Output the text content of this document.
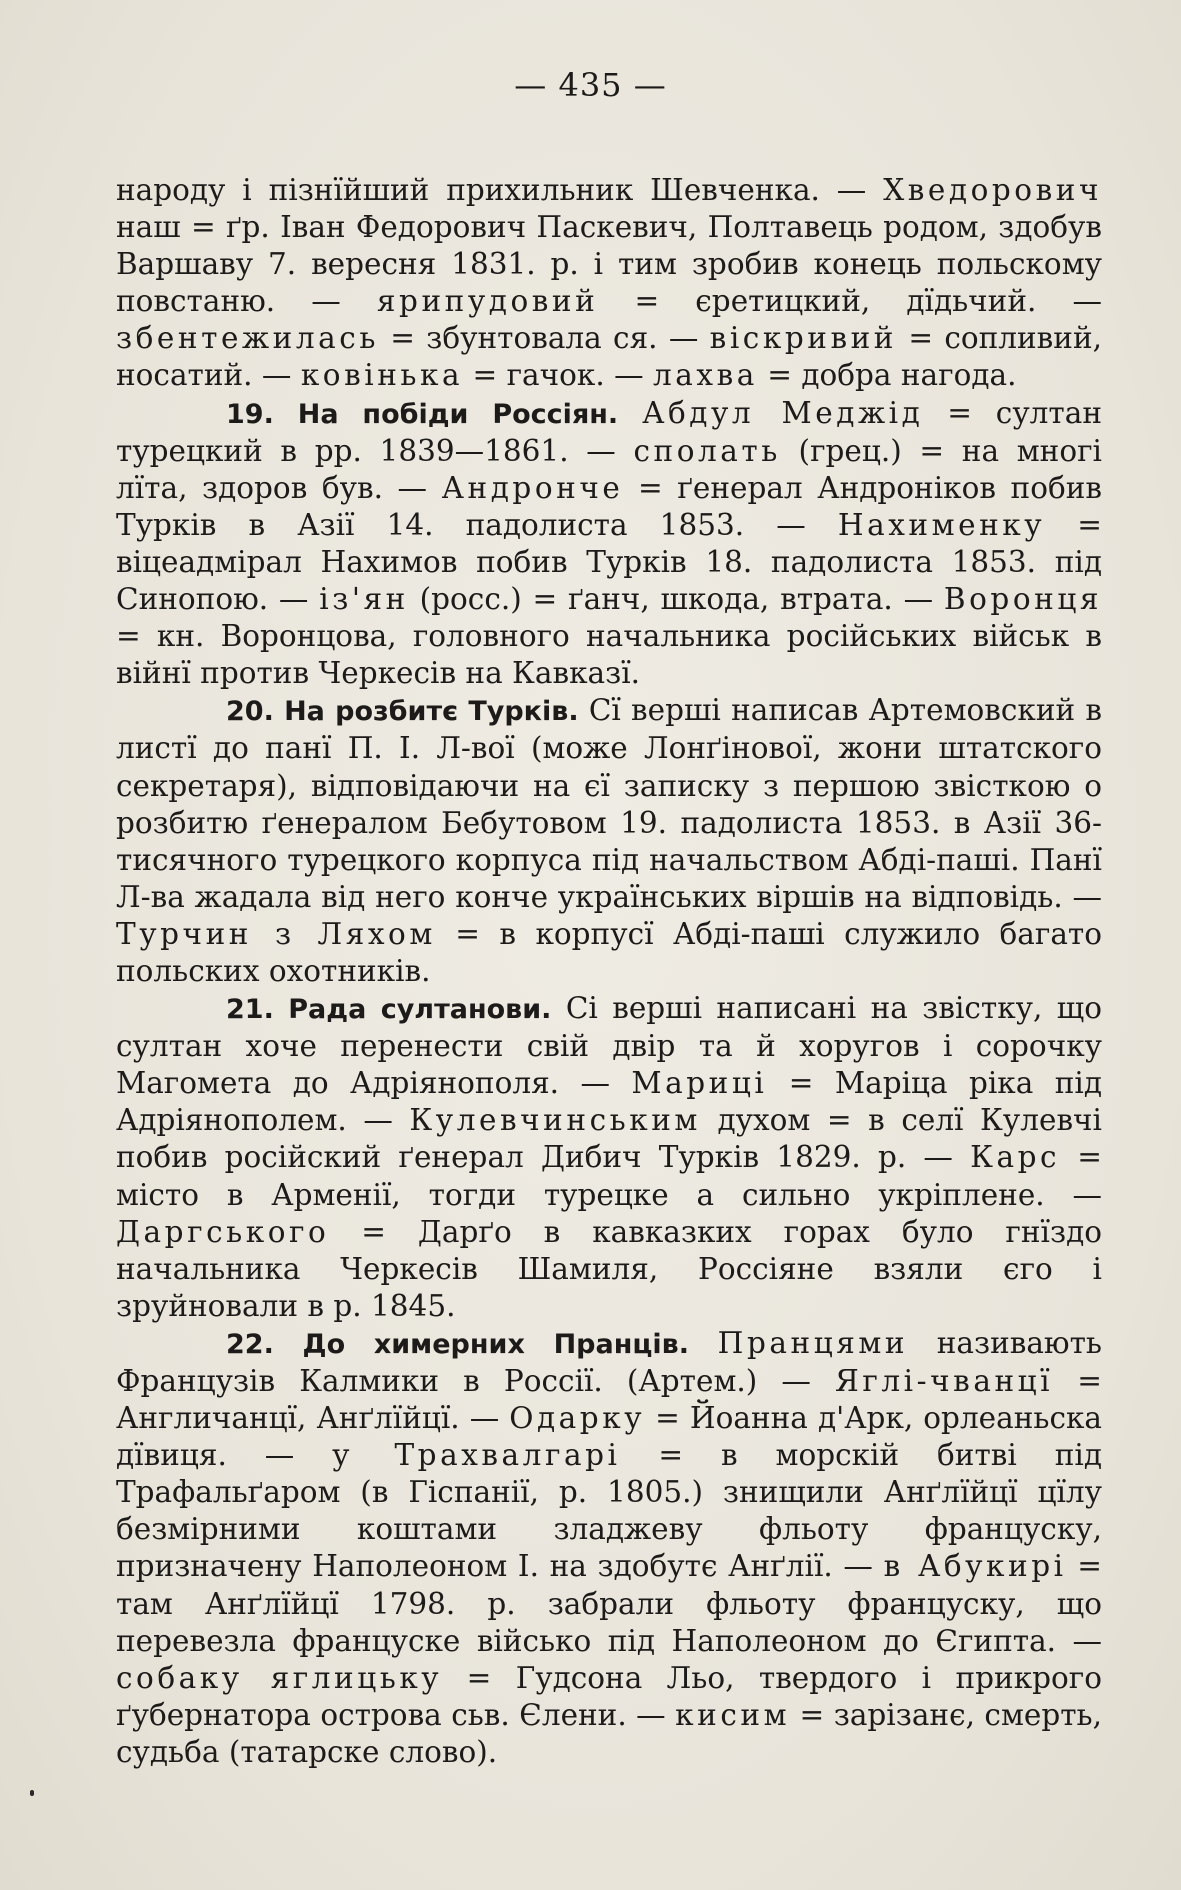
— 435 —

народу і пізнїйший прихильник Шевченка. — Хведорович наш = ґр. Іван Федорович Паскевич, Полтавець родом, здобув Варшаву 7. вересня 1831. р. і тим зробив конець польскому повстаню. — ярипудовий = єретицкий, дїдьчий. — збентежилась = збунтовала ся. — віскривий = сопливий, носатий. — ковінька = гачок. — лахва = добра нагода.

19. На побіди Россіян. Абдул Меджід = султан турецкий в рр. 1839—1861. — сполать (грец.) = на многі лїта, здоров був. — Андронче = ґенерал Андроніков побив Турків в Азії 14. падолиста 1853. — Нахименку = віцеадмірал Нахимов побив Турків 18. падолиста 1853. під Синопою. — із'ян (росс.) = ґанч, шкода, втрата. — Воронця = кн. Воронцова, головного начальника російських військ в війнї против Черкесів на Кавказї.

20. На розбитє Турків. Сї верші написав Артемовский в листї до панї П. І. Л-вої (може Лонґінової, жони штатского секретаря), відповідаючи на єї записку з першою звісткою о розбитю ґенералом Бебутовом 19. падолиста 1853. в Азії 36-тисячного турецкого корпуса під начальством Абді-паші. Панї Л-ва жадала від него конче українських віршів на відповідь. — Турчин з Ляхом = в корпусї Абді-паші служило багато польских охотників.

21. Рада султанови. Сі верші написані на звістку, що султан хоче перенести свій двір та й хоругов і сорочку Магомета до Адріянополя. — Мариці = Маріца ріка під Адріянополем. — Кулевчинським духом = в селї Кулевчі побив російский ґенерал Дибич Турків 1829. р. — Карс = місто в Арменії, тогди турецке а сильно укріплене. — Даргського = Дарґо в кавказких горах було гнїздо начальника Черкесів Шамиля, Россіяне взяли єго і зруйновали в р. 1845.

22. До химерних Пранців. Пранцями називають Французів Калмики в Россії. (Артем.) — Яглі-чванцї = Англичанцї, Анґлїйцї. — Одарку = Йоанна д'Арк, орлеаньска дївиця. — у Трахвалгарі = в морскій битві під Трафальґаром (в Гіспанії, р. 1805.) знищили Анґлїйцї цїлу безмірними коштами зладжеву фльоту француску, призначену Наполеоном І. на здобутє Анґлії. — в Абукирі = там Анґлїйцї 1798. р. забрали фльоту француску, що перевезла француске військо під Наполеоном до Єгипта. — собаку яглицьку = Гудсона Льо, твердого і прикрого ґубернатора острова сьв. Єлени. — кисим = зарізанє, смерть, судьба (татарске слово).
